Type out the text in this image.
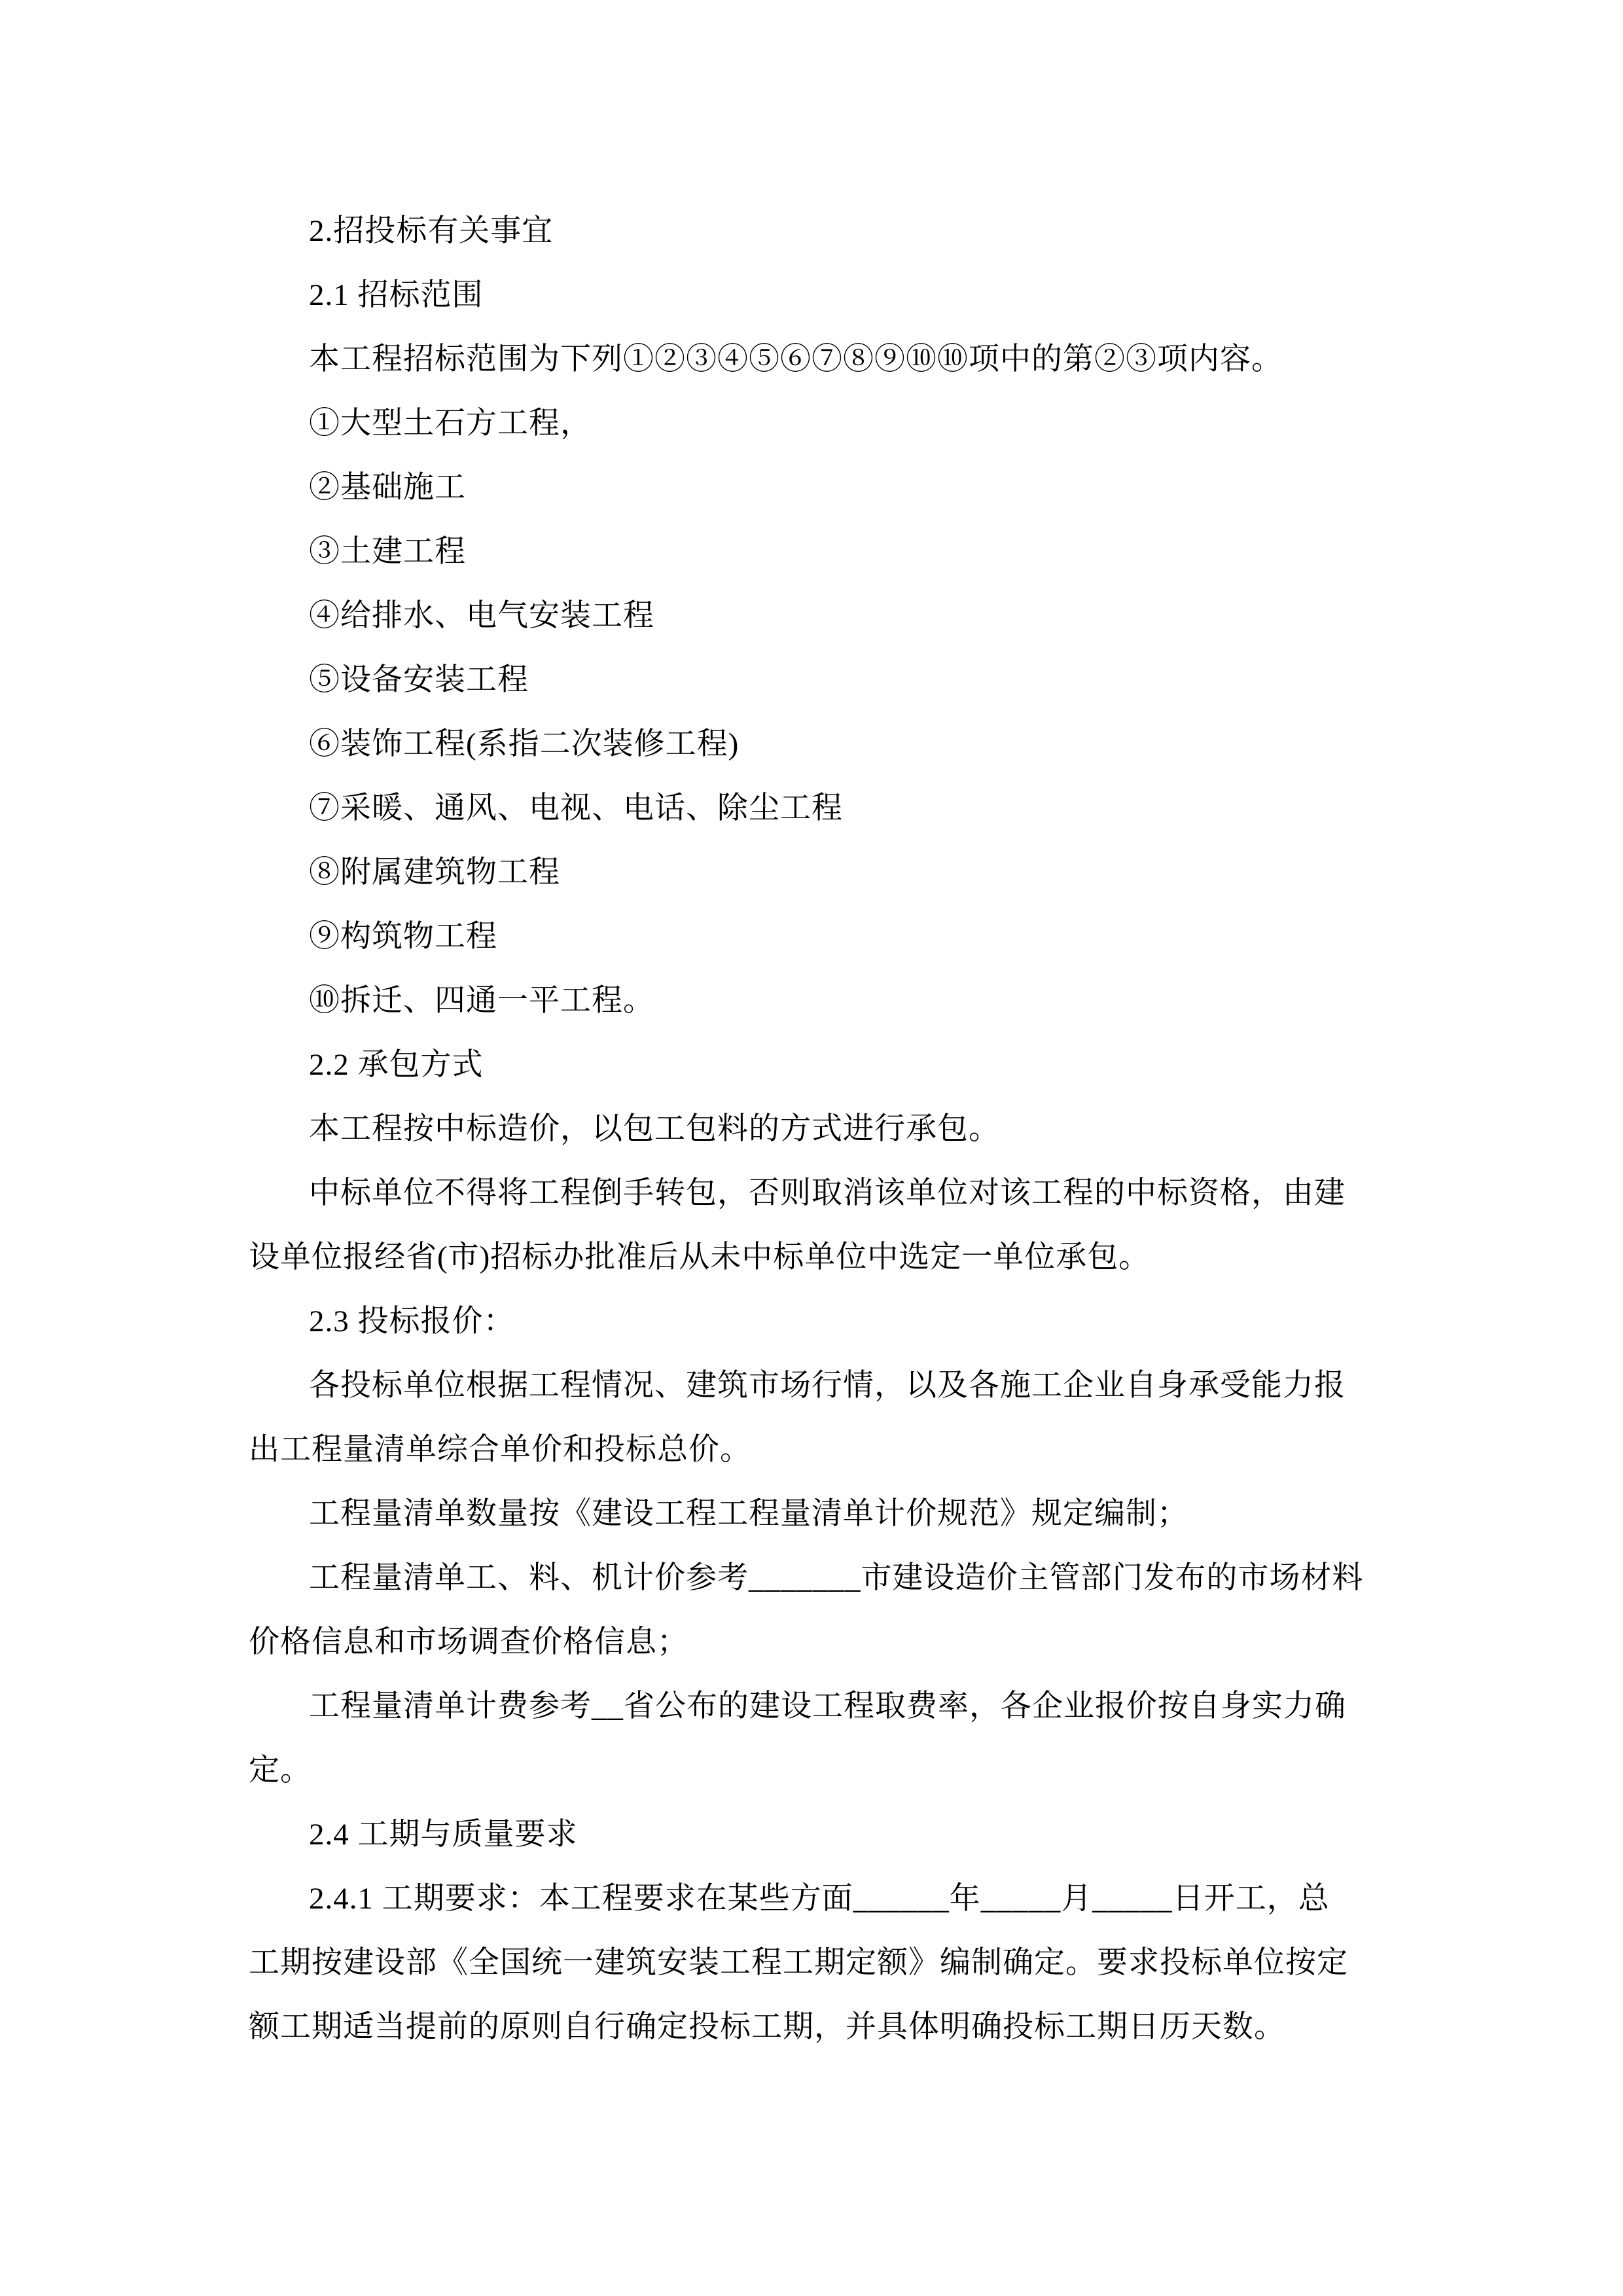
2.招投标有关事宜
2.1 招标范围
本工程招标范围为下列①②③④⑤⑥⑦⑧⑨⑩⑩项中的第②③项内容。
①大型土石方工程，
②基础施工
③土建工程
④给排水、电气安装工程
⑤设备安装工程
⑥装饰工程(系指二次装修工程)
⑦采暖、通风、电视、电话、除尘工程
⑧附属建筑物工程
⑨构筑物工程
⑩拆迁、四通一平工程。
2.2 承包方式
本工程按中标造价，以包工包料的方式进行承包。
中标单位不得将工程倒手转包，否则取消该单位对该工程的中标资格，由建
设单位报经省(市)招标办批准后从未中标单位中选定一单位承包。
2.3 投标报价：
各投标单位根据工程情况、建筑市场行情，以及各施工企业自身承受能力报
出工程量清单综合单价和投标总价。
工程量清单数量按《建设工程工程量清单计价规范》规定编制；
工程量清单工、料、机计价参考_______市建设造价主管部门发布的市场材料
价格信息和市场调查价格信息；
工程量清单计费参考__省公布的建设工程取费率，各企业报价按自身实力确
定。
2.4 工期与质量要求
2.4.1 工期要求：本工程要求在某些方面______年_____月_____日开工，总
工期按建设部《全国统一建筑安装工程工期定额》编制确定。要求投标单位按定
额工期适当提前的原则自行确定投标工期，并具体明确投标工期日历天数。
